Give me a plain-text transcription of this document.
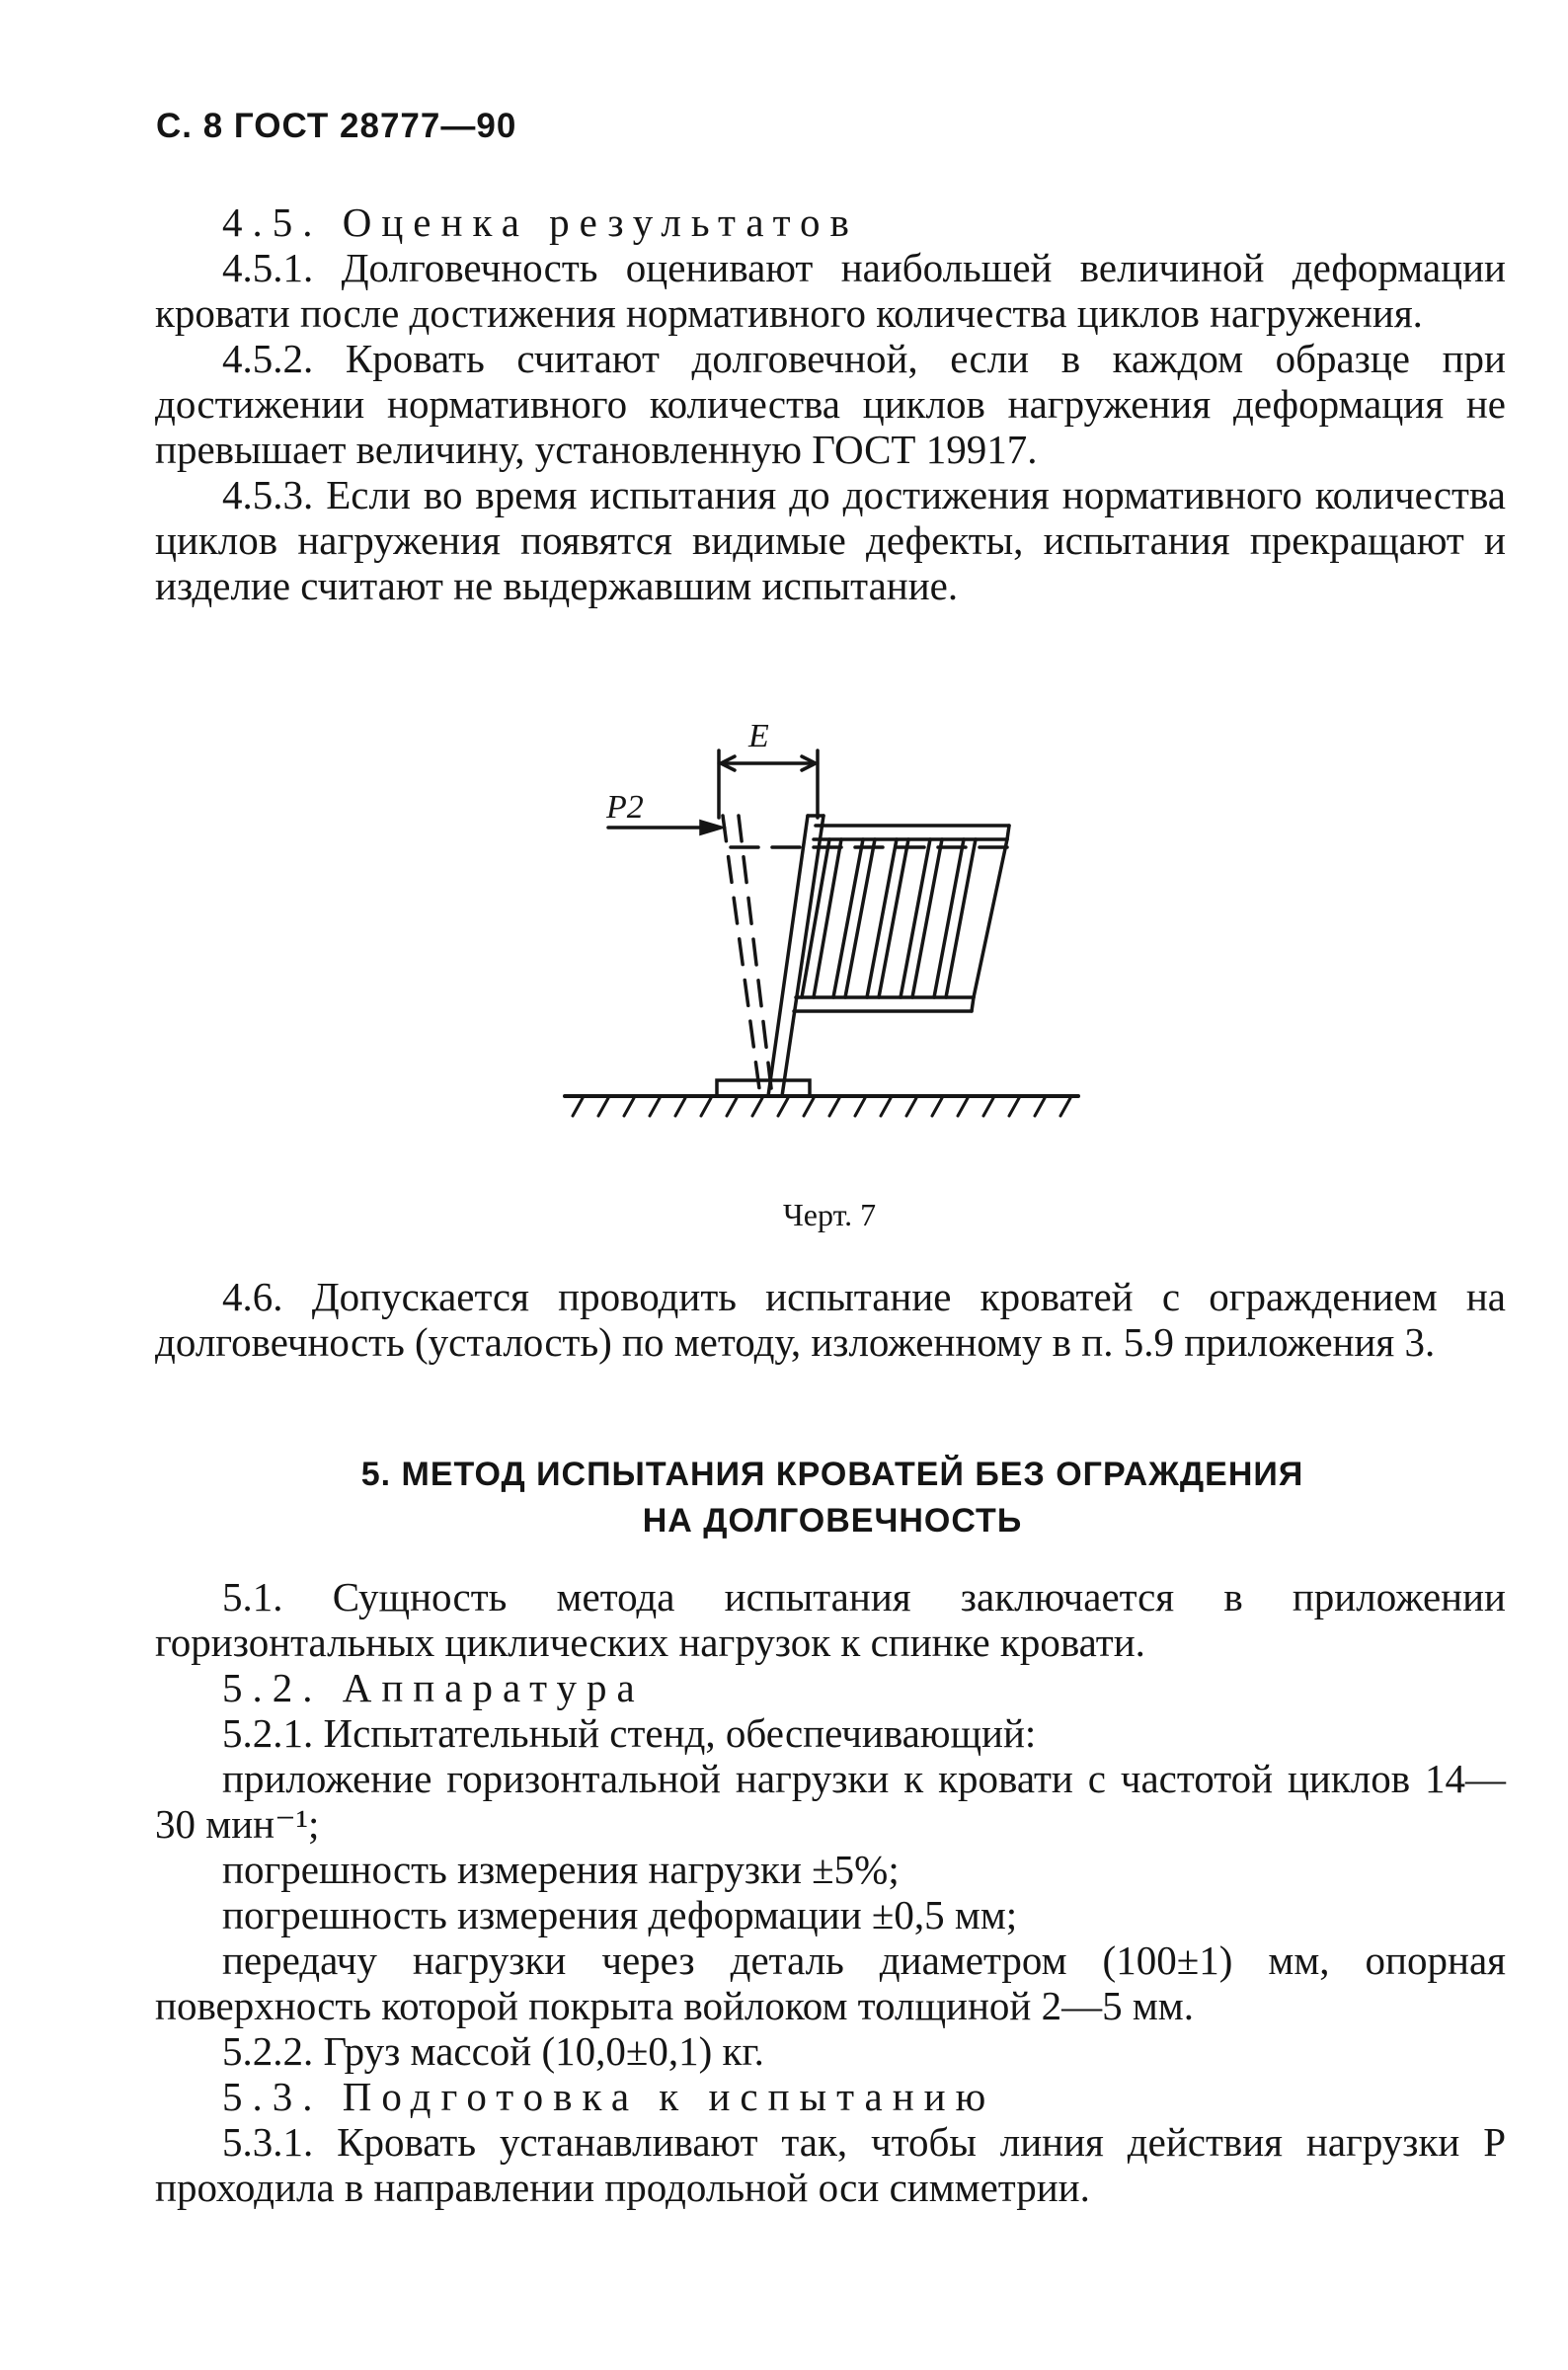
С. 8 ГОСТ 28777—90

4.5. Оценка результатов

4.5.1. Долговечность оценивают наибольшей величиной деформации кровати после достижения нормативного количества циклов нагружения.

4.5.2. Кровать считают долговечной, если в каждом образце при достижении нормативного количества циклов нагружения деформация не превышает величину, установленную ГОСТ 19917.

4.5.3. Если во время испытания до достижения нормативного количества циклов нагружения появятся видимые дефекты, испытания прекращают и изделие считают не выдержавшим испытание.

E
P2
Черт. 7

4.6. Допускается проводить испытание кроватей с ограждением на долговечность (усталость) по методу, изложенному в п. 5.9 приложения 3.

5. МЕТОД ИСПЫТАНИЯ КРОВАТЕЙ БЕЗ ОГРАЖДЕНИЯ
НА ДОЛГОВЕЧНОСТЬ

5.1. Сущность метода испытания заключается в приложении горизонтальных циклических нагрузок к спинке кровати.

5.2. Аппаратура

5.2.1. Испытательный стенд, обеспечивающий:

приложение горизонтальной нагрузки к кровати с частотой циклов 14—30 мин⁻¹;

погрешность измерения нагрузки ±5%;

погрешность измерения деформации ±0,5 мм;

передачу нагрузки через деталь диаметром (100±1) мм, опорная поверхность которой покрыта войлоком толщиной 2—5 мм.

5.2.2. Груз массой (10,0±0,1) кг.

5.3. Подготовка к испытанию

5.3.1. Кровать устанавливают так, чтобы линия действия нагрузки P проходила в направлении продольной оси симметрии.
